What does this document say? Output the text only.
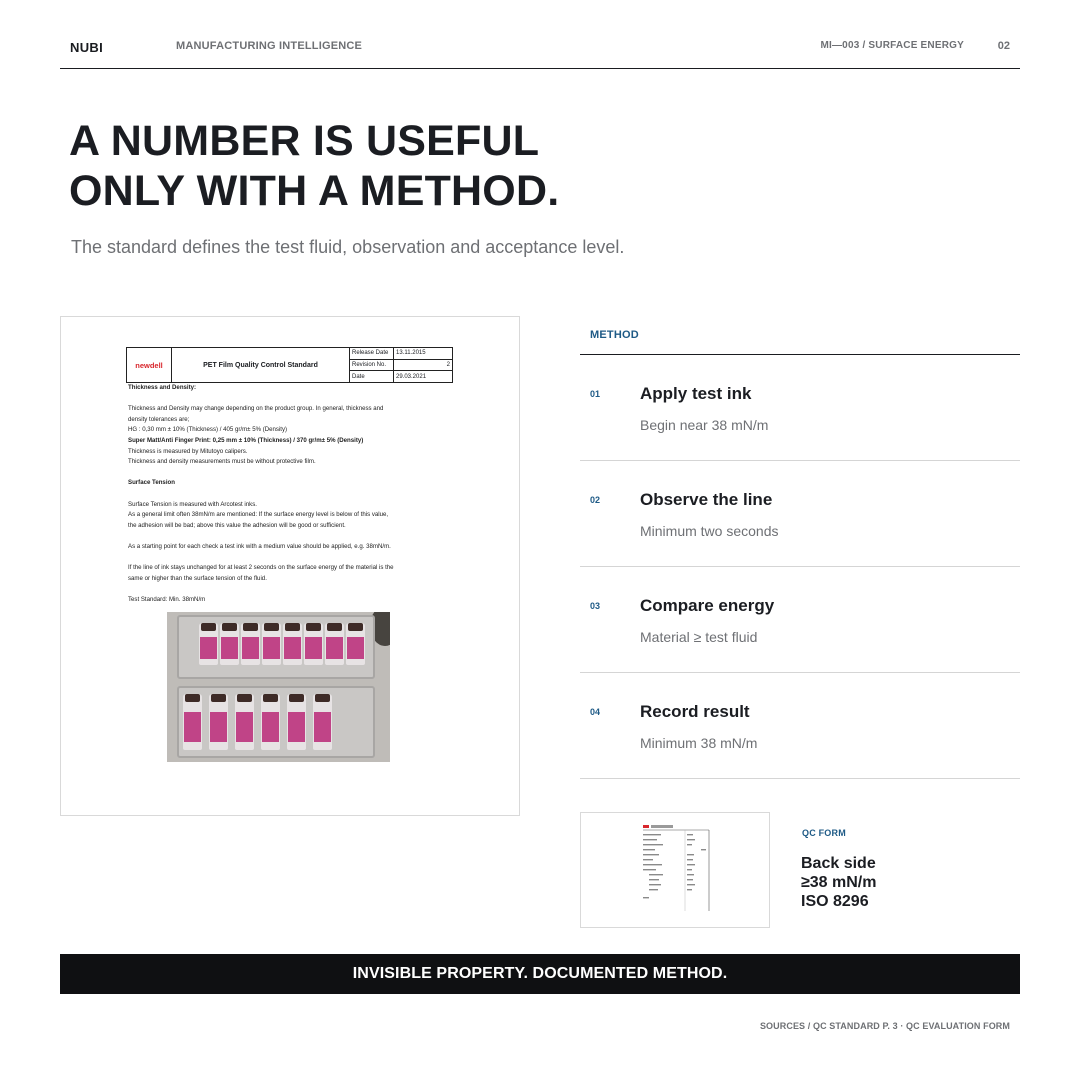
NUBI	MANUFACTURING INTELLIGENCE	MI—003 / SURFACE ENERGY	02
A NUMBER IS USEFUL
ONLY WITH A METHOD.
The standard defines the test fluid, observation and acceptance level.
newdell	PET Film Quality Control Standard
Release Date	13.11.2015
Revision No.	2
Date	29.03.2021
Thickness and Density:
Thickness and Density may change depending on the product group. In general, thickness and
density tolerances are;
HG : 0,30 mm ± 10% (Thickness) / 405 gr/m± 5% (Density)
Super Matt/Anti Finger Print: 0,25 mm ± 10% (Thickness) / 370 gr/m± 5% (Density)
Thickness is measured by Mitutoyo calipers.
Thickness and density measurements must be without protective film.
Surface Tension
Surface Tension is measured with Arcotest inks.
As a general limit often 38mN/m are mentioned: If the surface energy level is below of this value,
the adhesion will be bad; above this value the adhesion will be good or sufficient.
As a starting point for each check a test ink with a medium value should be applied, e.g. 38mN/m.
If the line of ink stays unchanged for at least 2 seconds on the surface energy of the material is the
same or higher than the surface tension of the fluid.
Test Standard: Min. 38mN/m
METHOD
01 Apply test ink
Begin near 38 mN/m
02 Observe the line
Minimum two seconds
03 Compare energy
Material ≥ test fluid
04 Record result
Minimum 38 mN/m
QC FORM
Back side
≥38 mN/m
ISO 8296
INVISIBLE PROPERTY. DOCUMENTED METHOD.
SOURCES / QC STANDARD P. 3 · QC EVALUATION FORM
